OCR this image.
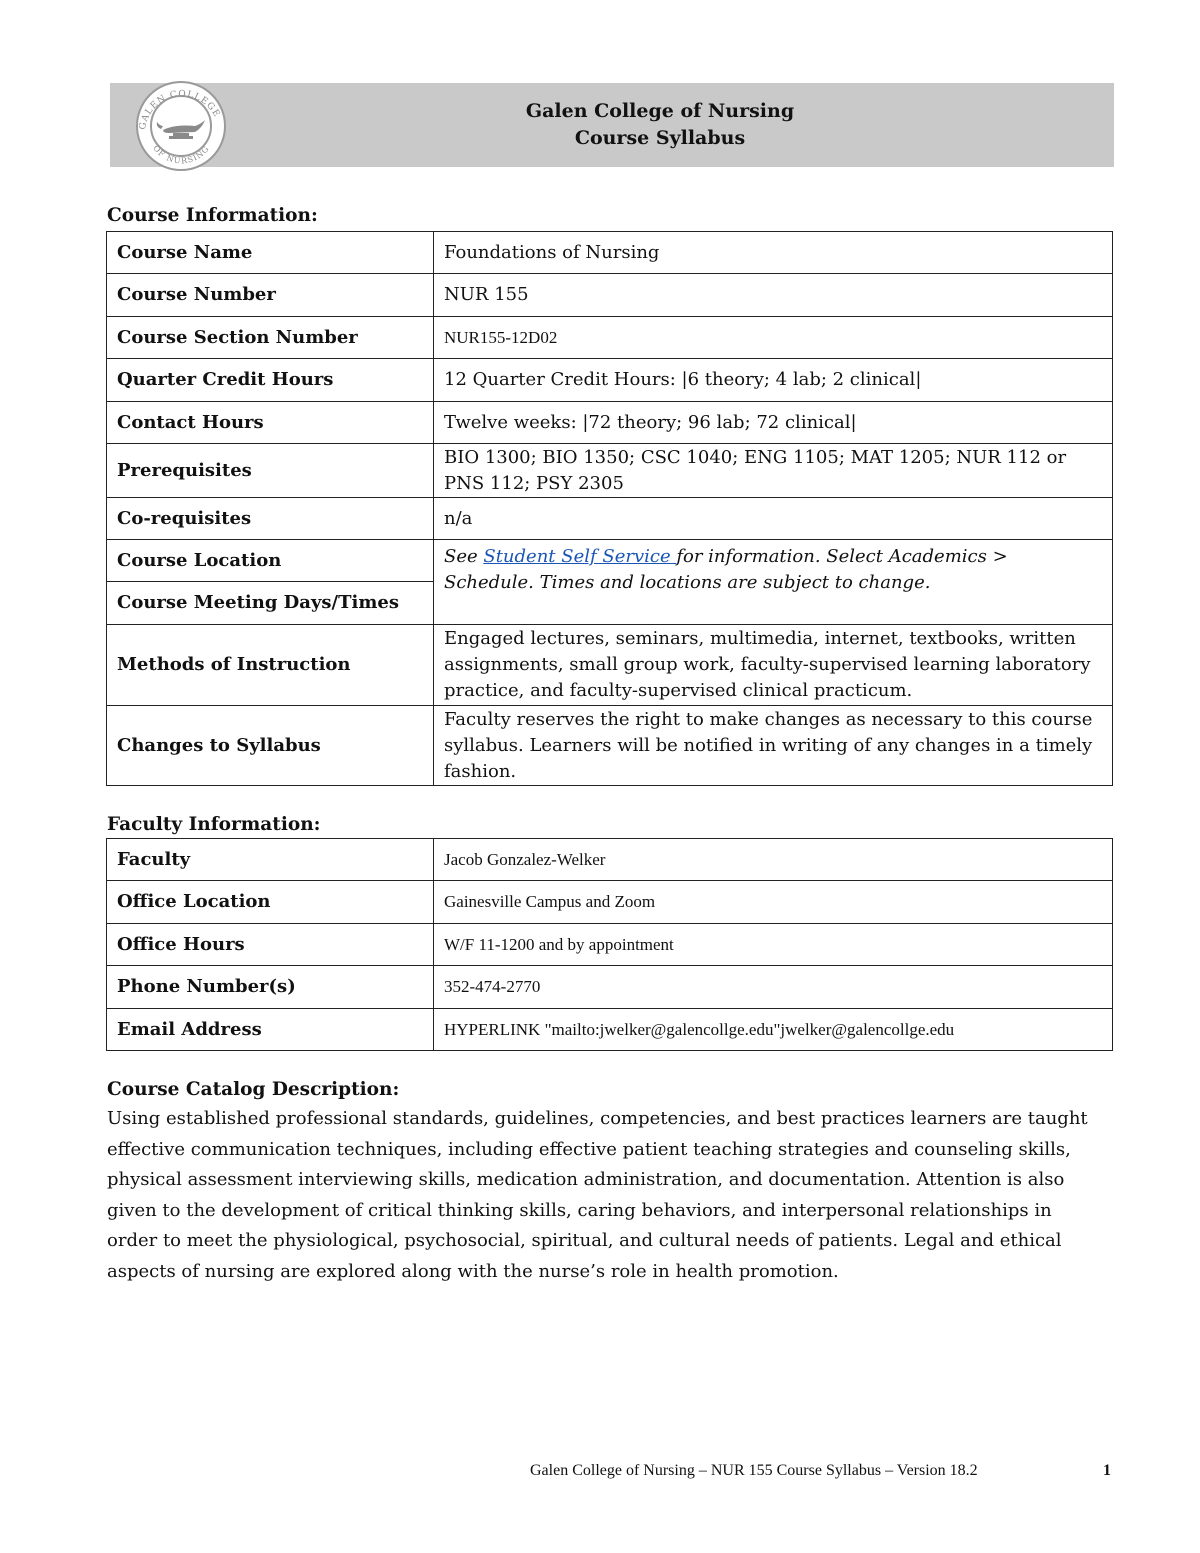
GALEN COLLEGE
OF NURSING
Galen College of Nursing
Course Syllabus
Course Information:
Course Name	Foundations of Nursing
Course Number	NUR 155
Course Section Number	NUR155-12D02
Quarter Credit Hours	12 Quarter Credit Hours: |6 theory; 4 lab; 2 clinical|
Contact Hours	Twelve weeks: |72 theory; 96 lab; 72 clinical|
Prerequisites	BIO 1300; BIO 1350; CSC 1040; ENG 1105; MAT 1205; NUR 112 or PNS 112; PSY 2305
Co-requisites	n/a
Course Location	See Student Self Service for information. Select Academics > Schedule. Times and locations are subject to change.
Course Meeting Days/Times	
Methods of Instruction	Engaged lectures, seminars, multimedia, internet, textbooks, written assignments, small group work, faculty-supervised learning laboratory practice, and faculty-supervised clinical practicum.
Changes to Syllabus	Faculty reserves the right to make changes as necessary to this course syllabus. Learners will be notified in writing of any changes in a timely fashion.
Faculty Information:
Faculty	Jacob Gonzalez-Welker
Office Location	Gainesville Campus and Zoom
Office Hours	W/F 11-1200 and by appointment
Phone Number(s)	352-474-2770
Email Address	HYPERLINK "mailto:jwelker@galencollge.edu"jwelker@galencollge.edu
Course Catalog Description:
Using established professional standards, guidelines, competencies, and best practices learners are taught effective communication techniques, including effective patient teaching strategies and counseling skills, physical assessment interviewing skills, medication administration, and documentation. Attention is also given to the development of critical thinking skills, caring behaviors, and interpersonal relationships in order to meet the physiological, psychosocial, spiritual, and cultural needs of patients. Legal and ethical aspects of nursing are explored along with the nurse’s role in health promotion.
Galen College of Nursing – NUR 155 Course Syllabus – Version 18.2	1
